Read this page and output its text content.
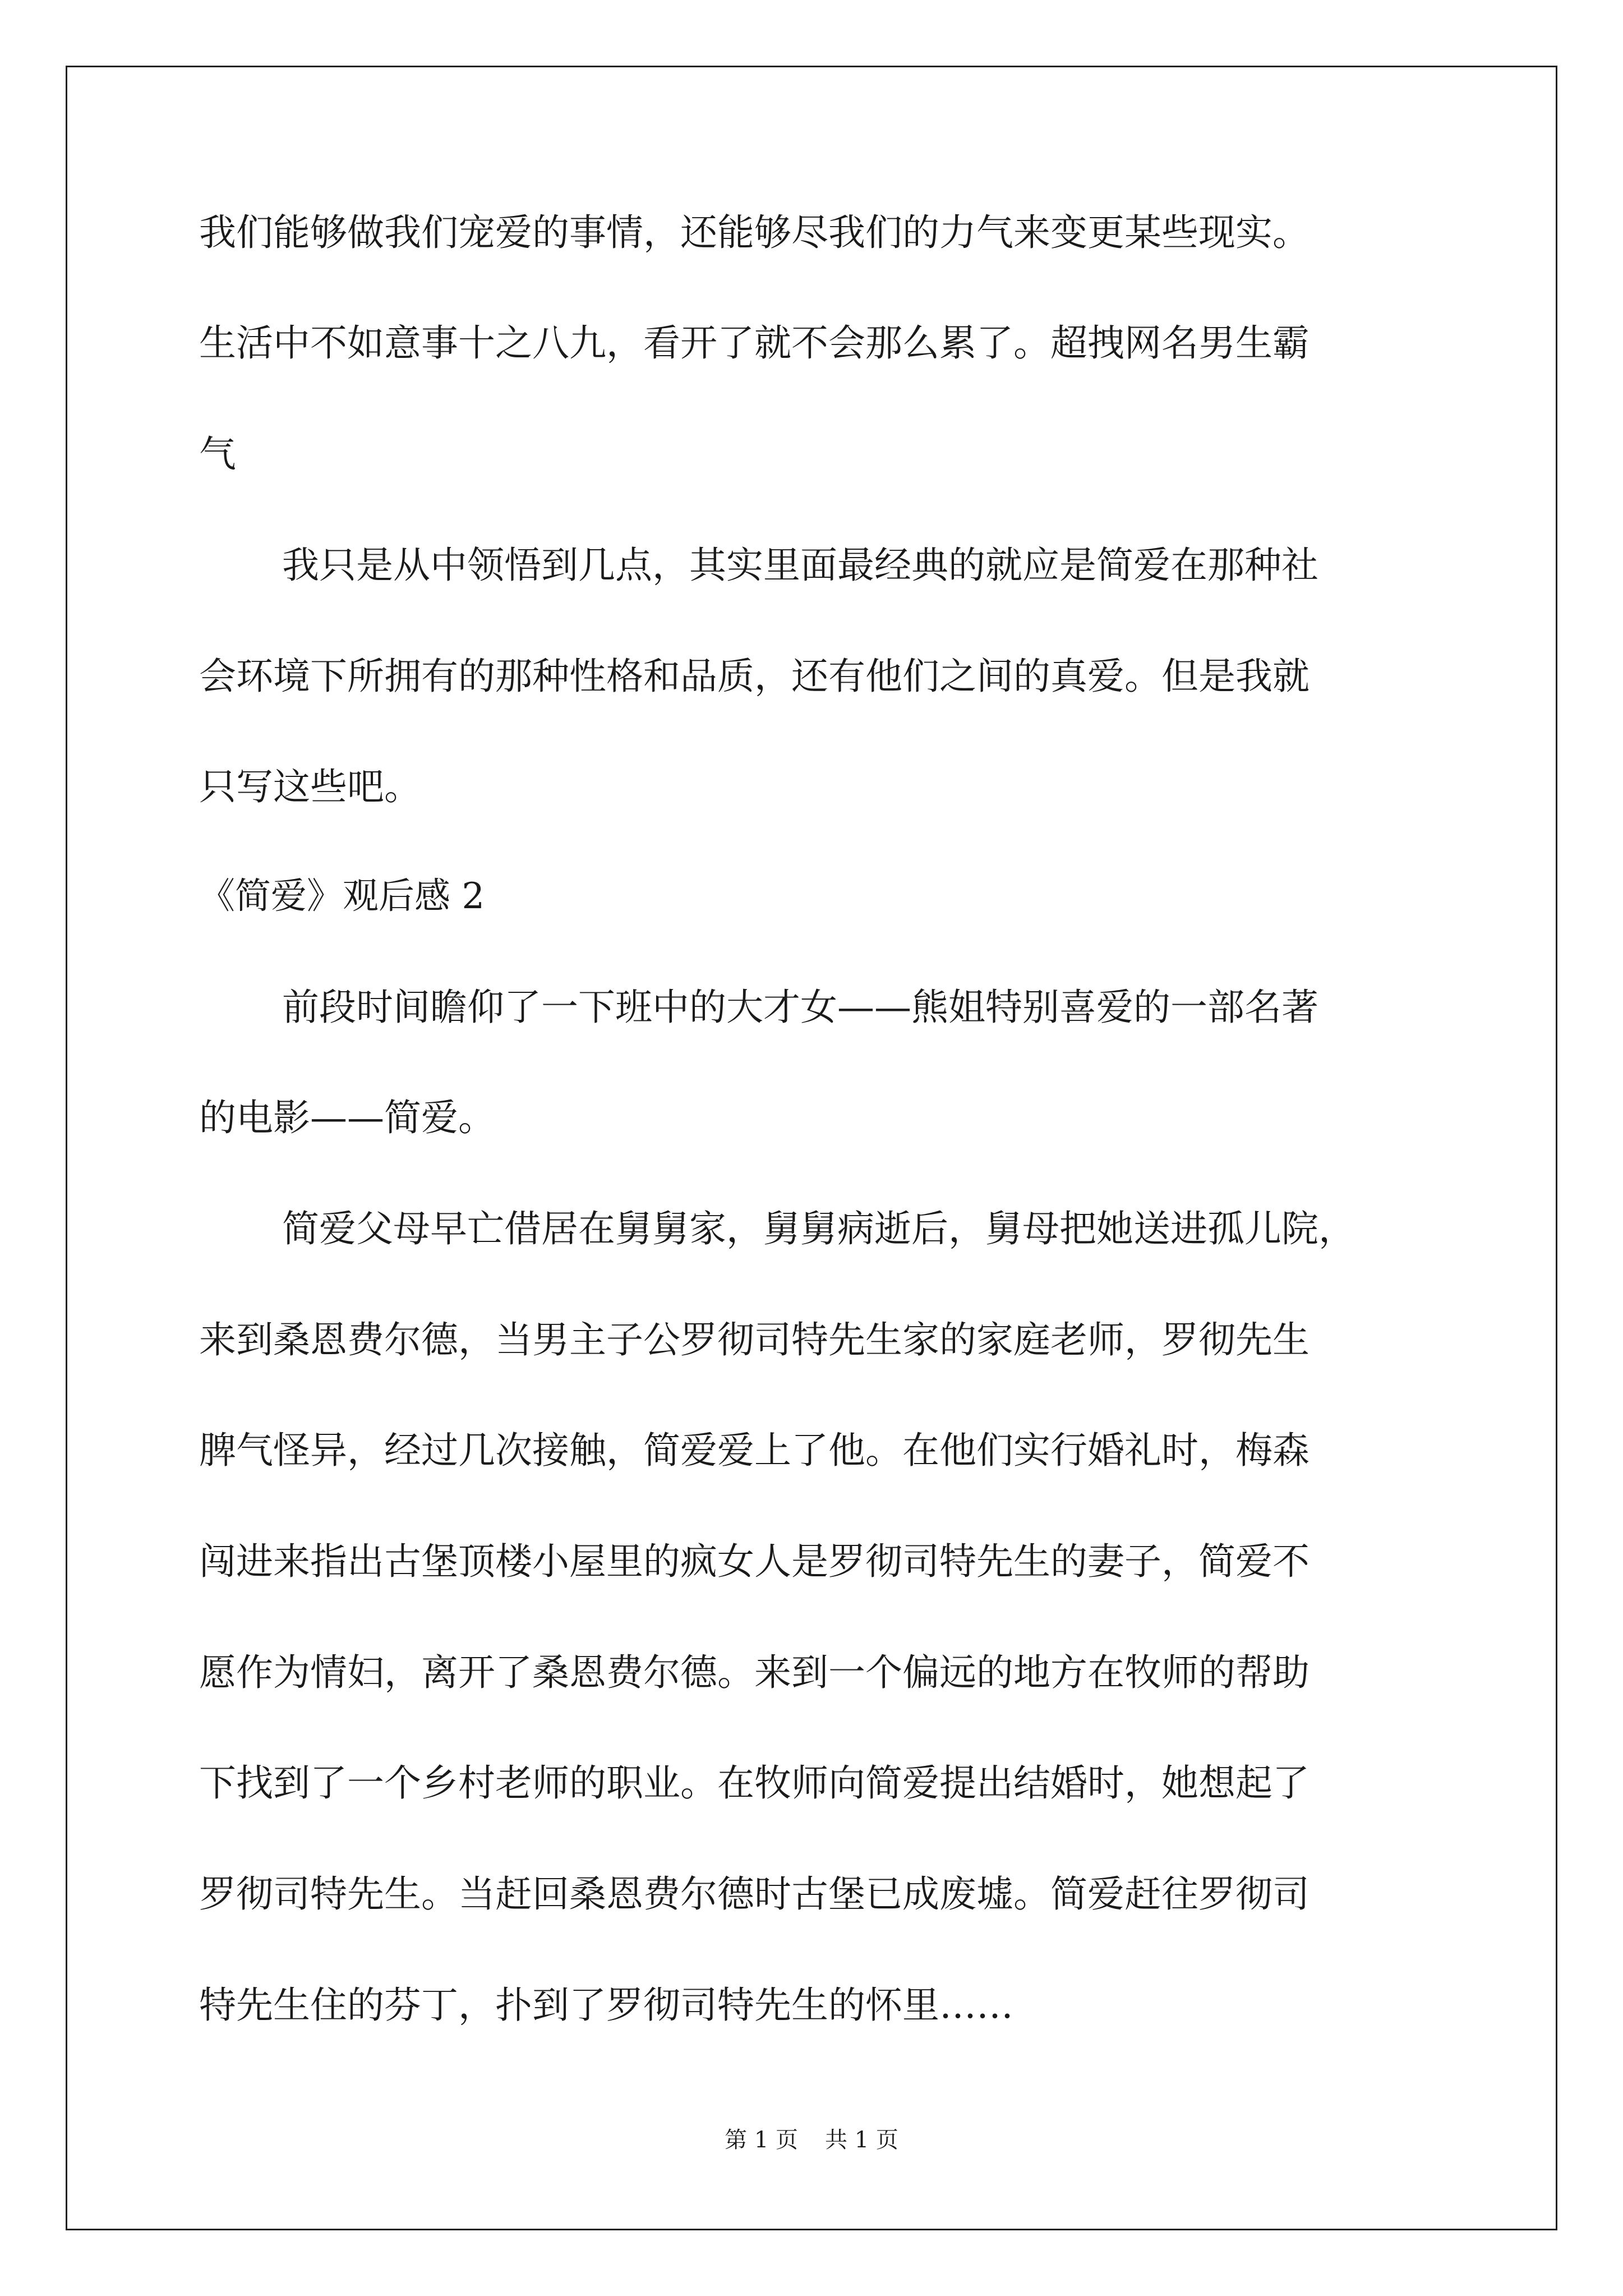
我们能够做我们宠爱的事情，还能够尽我们的力气来变更某些现实。
生活中不如意事十之八九，看开了就不会那么累了。超拽网名男生霸
气
我只是从中领悟到几点，其实里面最经典的就应是简爱在那种社
会环境下所拥有的那种性格和品质，还有他们之间的真爱。但是我就
只写这些吧。
《简爱》观后感 2
前段时间瞻仰了一下班中的大才女——熊姐特别喜爱的一部名著
的电影——简爱。
简爱父母早亡借居在舅舅家，舅舅病逝后，舅母把她送进孤儿院，
来到桑恩费尔德，当男主子公罗彻司特先生家的家庭老师，罗彻先生
脾气怪异，经过几次接触，简爱爱上了他。在他们实行婚礼时，梅森
闯进来指出古堡顶楼小屋里的疯女人是罗彻司特先生的妻子，简爱不
愿作为情妇，离开了桑恩费尔德。来到一个偏远的地方在牧师的帮助
下找到了一个乡村老师的职业。在牧师向简爱提出结婚时，她想起了
罗彻司特先生。当赶回桑恩费尔德时古堡已成废墟。简爱赶往罗彻司
特先生住的芬丁，扑到了罗彻司特先生的怀里……
第 1 页 共 1 页
